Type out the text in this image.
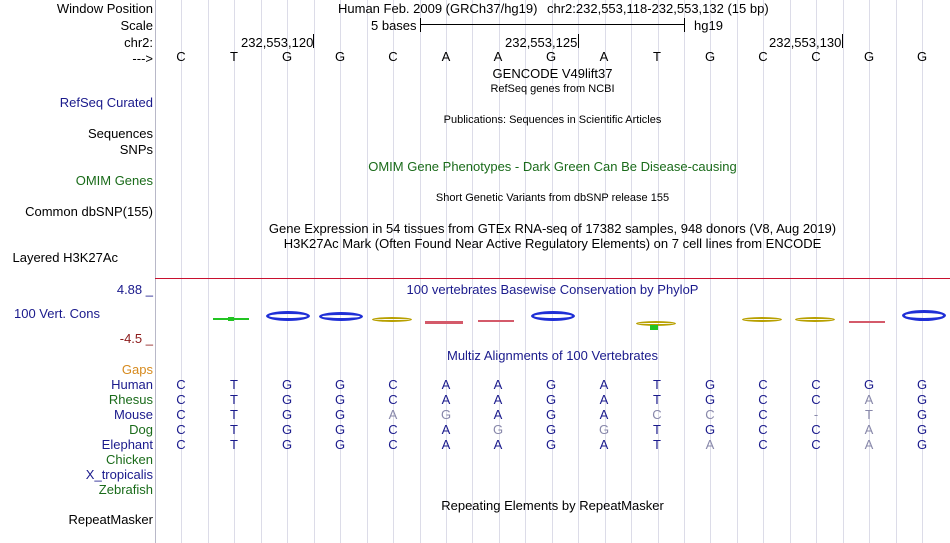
Window Position	Human Feb. 2009 (GRCh37/hg19) chr2:232,553,118-232,553,132 (15 bp)
Scale	5 bases	hg19
chr2:	232,553,120	232,553,125	232,553,130
--->	C	T	G	G	C	A	A	G	A	T	G	C	C	G	G
GENCODE V49lift37
RefSeq genes from NCBI
RefSeq Curated
Publications: Sequences in Scientific Articles
Sequences
SNPs
OMIM Gene Phenotypes - Dark Green Can Be Disease-causing
OMIM Genes
Short Genetic Variants from dbSNP release 155
Common dbSNP(155)
Gene Expression in 54 tissues from GTEx RNA-seq of 17382 samples, 948 donors (V8, Aug 2019)
H3K27Ac Mark (Often Found Near Active Regulatory Elements) on 7 cell lines from ENCODE
Layered H3K27Ac
4.88 _	100 vertebrates Basewise Conservation by PhyloP
100 Vert. Cons
-4.5 _
Multiz Alignments of 100 Vertebrates
Gaps
Human	C	T	G	G	C	A	A	G	A	T	G	C	C	G	G
Rhesus	C	T	G	G	C	A	A	G	A	T	G	C	C	A	G
Mouse	C	T	G	G	A	G	A	G	A	C	C	C	-	T	G
Dog	C	T	G	G	C	A	G	G	G	T	G	C	C	A	G
Elephant	C	T	G	G	C	A	A	G	A	T	A	C	C	A	G
Chicken
X_tropicalis
Zebrafish
Repeating Elements by RepeatMasker
RepeatMasker
